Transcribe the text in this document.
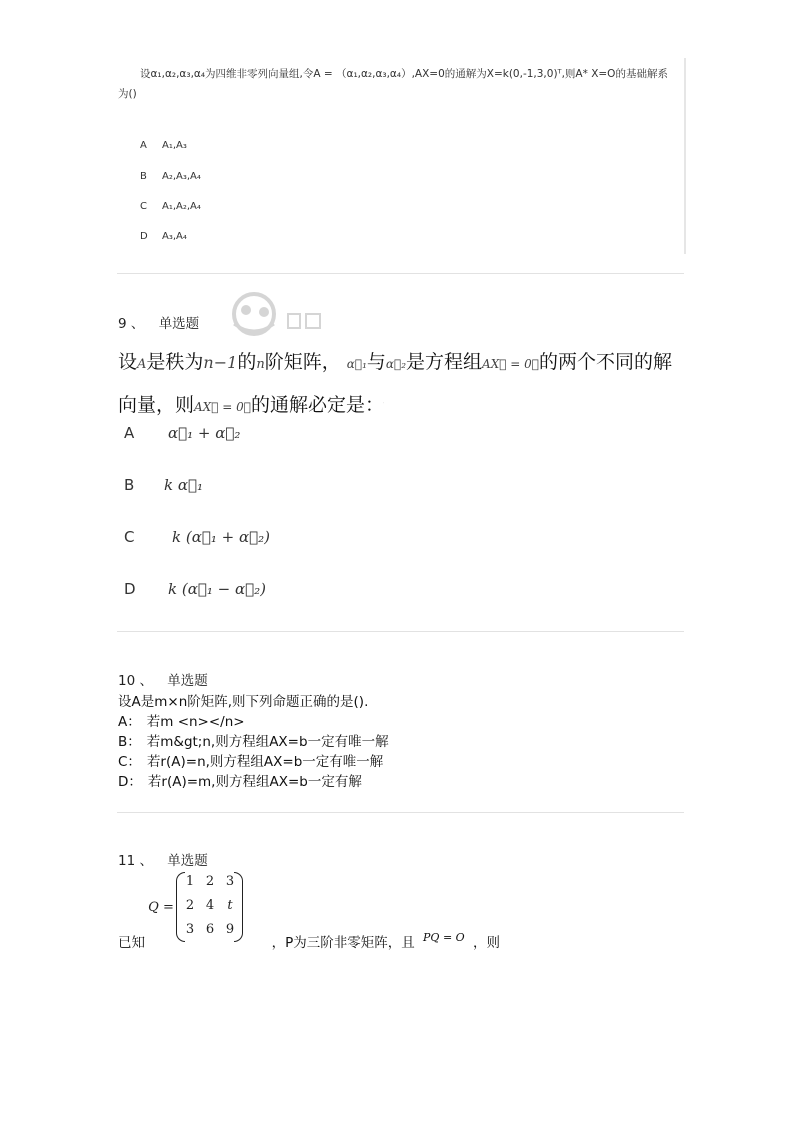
设α₁,α₂,α₃,α₄为四维非零列向量组,令A = （α₁,α₂,α₃,α₄）,AX=0的通解为X=k(0,-1,3,0)ᵀ,则A* X=O的基础解系为()
A A₁,A₃
B A₂,A₃,A₄
C A₁,A₂,A₄
D A₃,A₄
9 、 单选题
设A是秩为n−1的n阶矩阵， α⃗₁与α⃗₂是方程组AX⃗ = 0⃗的两个不同的解向量，则AX⃗ = 0⃗的通解必定是：
A α⃗₁ + α⃗₂
B k α⃗₁
C	k (α⃗₁ + α⃗₂)
D k (α⃗₁ − α⃗₂)
10 、 单选题
设A是m×n阶矩阵,则下列命题正确的是().
A： 若m <n></n>
B： 若m&gt;n,则方程组AX=b一定有唯一解
C： 若r(A)=n,则方程组AX=b一定有唯一解
D： 若r(A)=m,则方程组AX=b一定有解
11 、 单选题
Q =
1 2 3
2 4	t
3 6 9
已知	，P为三阶非零矩阵，且 $^{PQ = O}$ ，则
